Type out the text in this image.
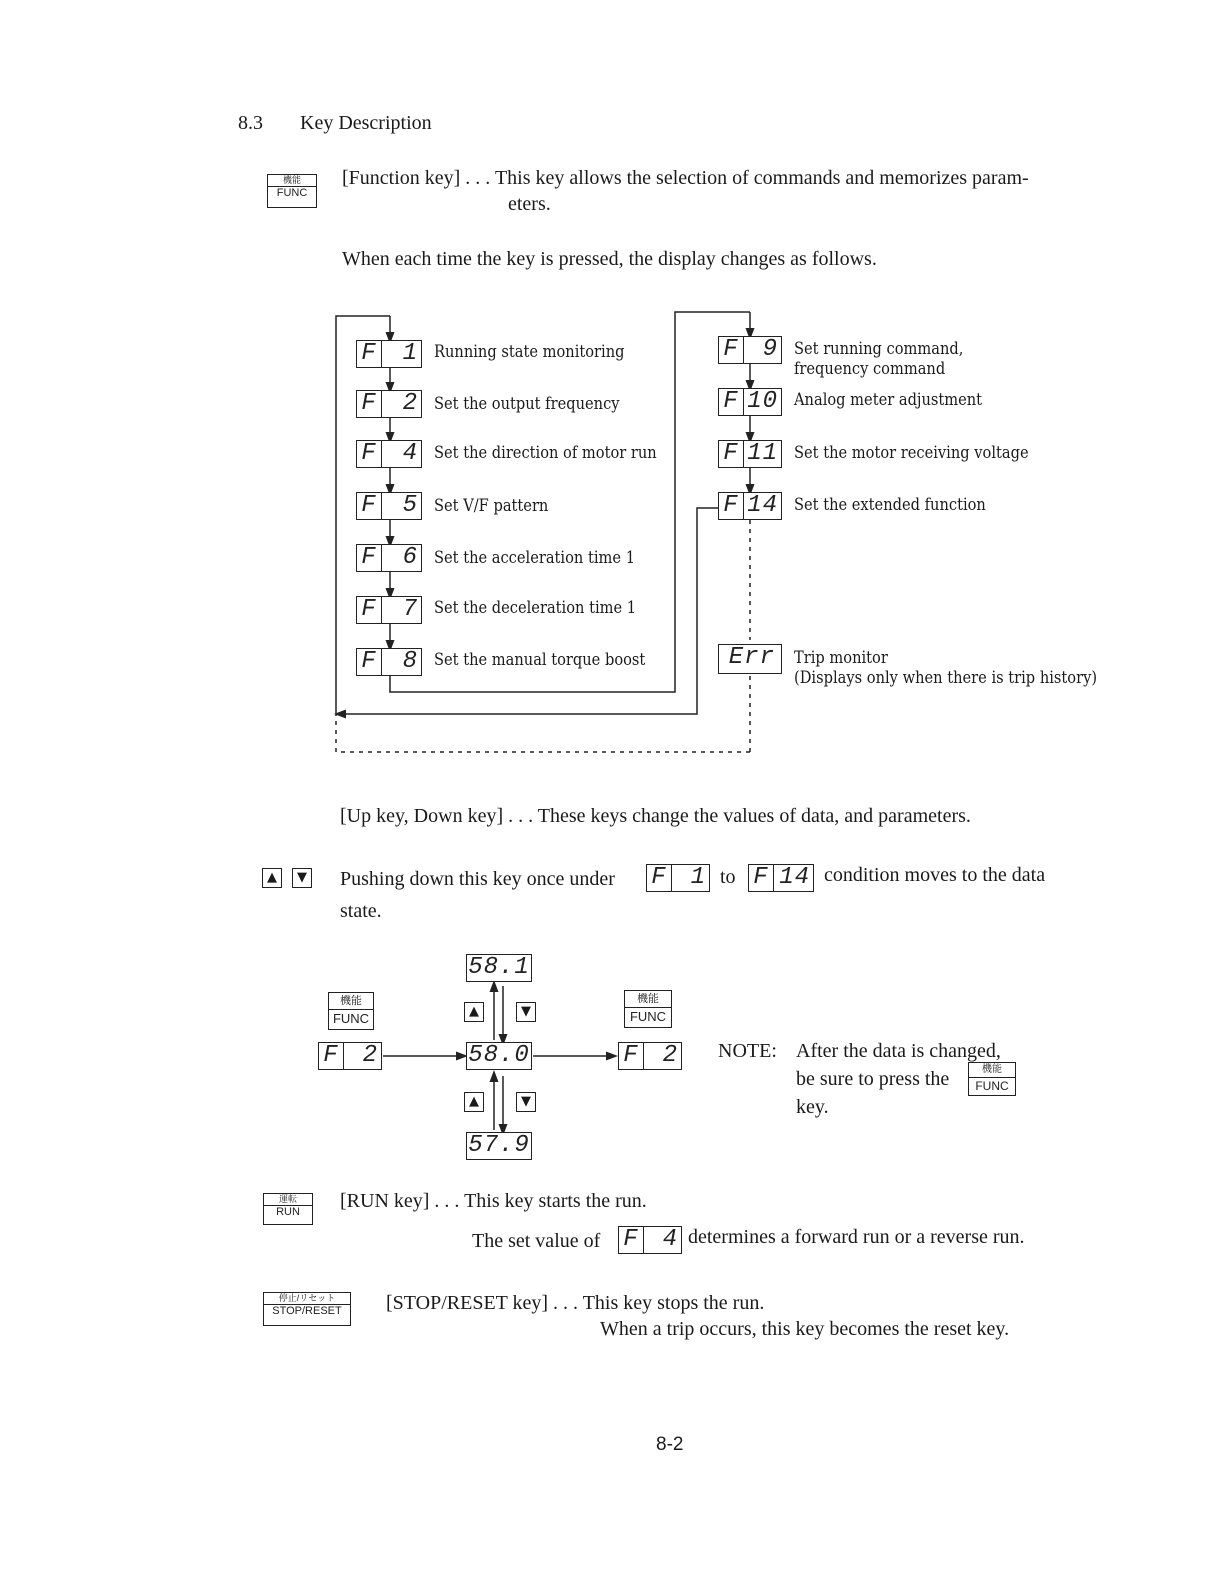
8.3 Key Description
機能
FUNC
[Function key] . . . This key allows the selection of commands and memorizes param-
eters.
When each time the key is pressed, the display changes as follows.
F 1 Running state monitoring
F 2 Set the output frequency
F 4 Set the direction of motor run
F 5 Set V/F pattern
F 6 Set the acceleration time 1
F 7 Set the deceleration time 1
F 8 Set the manual torque boost
F 9 Set running command,
frequency command
F 10 Analog meter adjustment
F 11 Set the motor receiving voltage
F 14 Set the extended function
Err Trip monitor
(Displays only when there is trip history)
[Up key, Down key] . . . These keys change the values of data, and parameters.
▲	▼ Pushing down this key once under F 1 to F 14 condition moves to the data
state.
機能
FUNC
機能
FUNC
F 2	F 2
58.1
58.0
57.9
▲	▼
▲	▼
NOTE: After the data is changed,
be sure to press the	機能
FUNC
key.
運転
RUN	[RUN key] . . . This key starts the run.
The set value of F 4 determines a forward run or a reverse run.
停止/リセット
STOP/RESET	[STOP/RESET key] . . . This key stops the run.
When a trip occurs, this key becomes the reset key.
8-2
